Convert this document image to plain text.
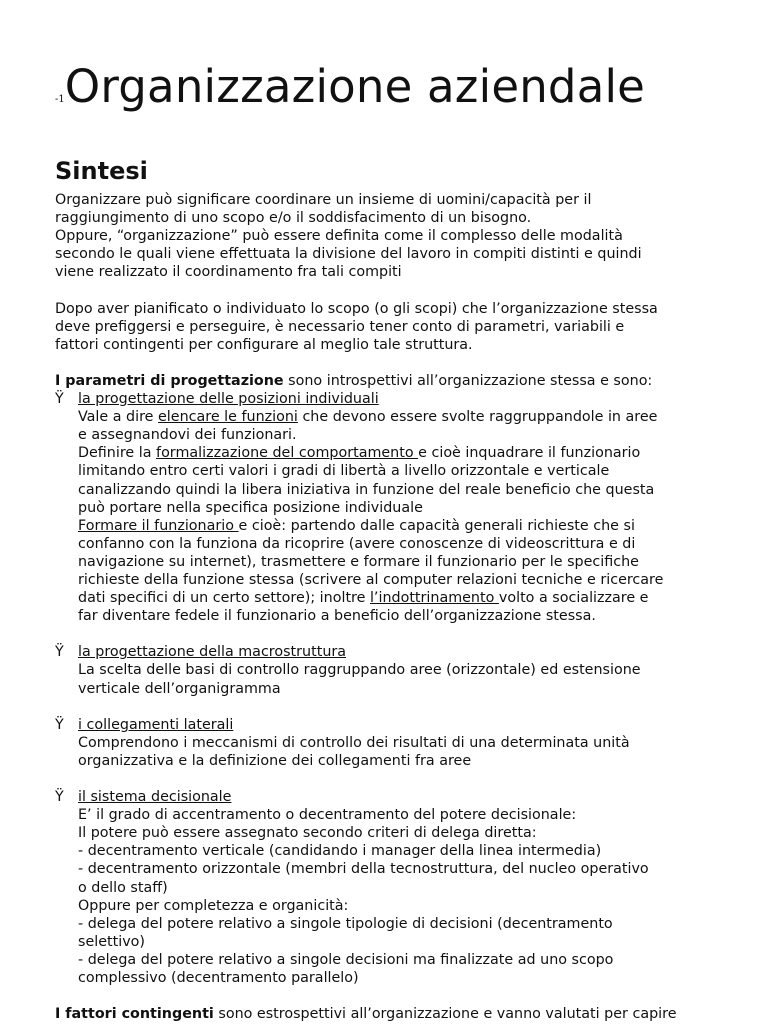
-1Organizzazione aziendale
Sintesi

Organizzare può significare coordinare un insieme di uomini/capacità per il

raggiungimento di uno scopo e/o il soddisfacimento di un bisogno.

Oppure, “organizzazione” può essere definita come il complesso delle modalità

secondo le quali viene effettuata la divisione del lavoro in compiti distinti e quindi

viene realizzato il coordinamento fra tali compiti

Dopo aver pianificato o individuato lo scopo (o gli scopi) che l’organizzazione stessa

deve prefiggersi e perseguire, è necessario tener conto di parametri, variabili e

fattori contingenti per configurare al meglio tale struttura.

I parametri di progettazione sono introspettivi all’organizzazione stessa e sono:

Ÿ la progettazione delle posizioni individuali

Vale a dire elencare le funzioni che devono essere svolte raggruppandole in aree

e assegnandovi dei funzionari.

Definire la formalizzazione del comportamento e cioè inquadrare il funzionario

limitando entro certi valori i gradi di libertà a livello orizzontale e verticale

canalizzando quindi la libera iniziativa in funzione del reale beneficio che questa

può portare nella specifica posizione individuale

Formare il funzionario e cioè: partendo dalle capacità generali richieste che si

confanno con la funziona da ricoprire (avere conoscenze di videoscrittura e di

navigazione su internet), trasmettere e formare il funzionario per le specifiche

richieste della funzione stessa (scrivere al computer relazioni tecniche e ricercare

dati specifici di un certo settore); inoltre l’indottrinamento volto a socializzare e

far diventare fedele il funzionario a beneficio dell’organizzazione stessa.

Ÿ la progettazione della macrostruttura

La scelta delle basi di controllo raggruppando aree (orizzontale) ed estensione

verticale dell’organigramma

Ÿ i collegamenti laterali

Comprendono i meccanismi di controllo dei risultati di una determinata unità

organizzativa e la definizione dei collegamenti fra aree

Ÿ il sistema decisionale

E’ il grado di accentramento o decentramento del potere decisionale:

Il potere può essere assegnato secondo criteri di delega diretta:

- decentramento verticale (candidando i manager della linea intermedia)

- decentramento orizzontale (membri della tecnostruttura, del nucleo operativo

o dello staff)

Oppure per completezza e organicità:

- delega del potere relativo a singole tipologie di decisioni (decentramento

selettivo)

- delega del potere relativo a singole decisioni ma finalizzate ad uno scopo

complessivo (decentramento parallelo)

I fattori contingenti sono estrospettivi all’organizzazione e vanno valutati per capire
